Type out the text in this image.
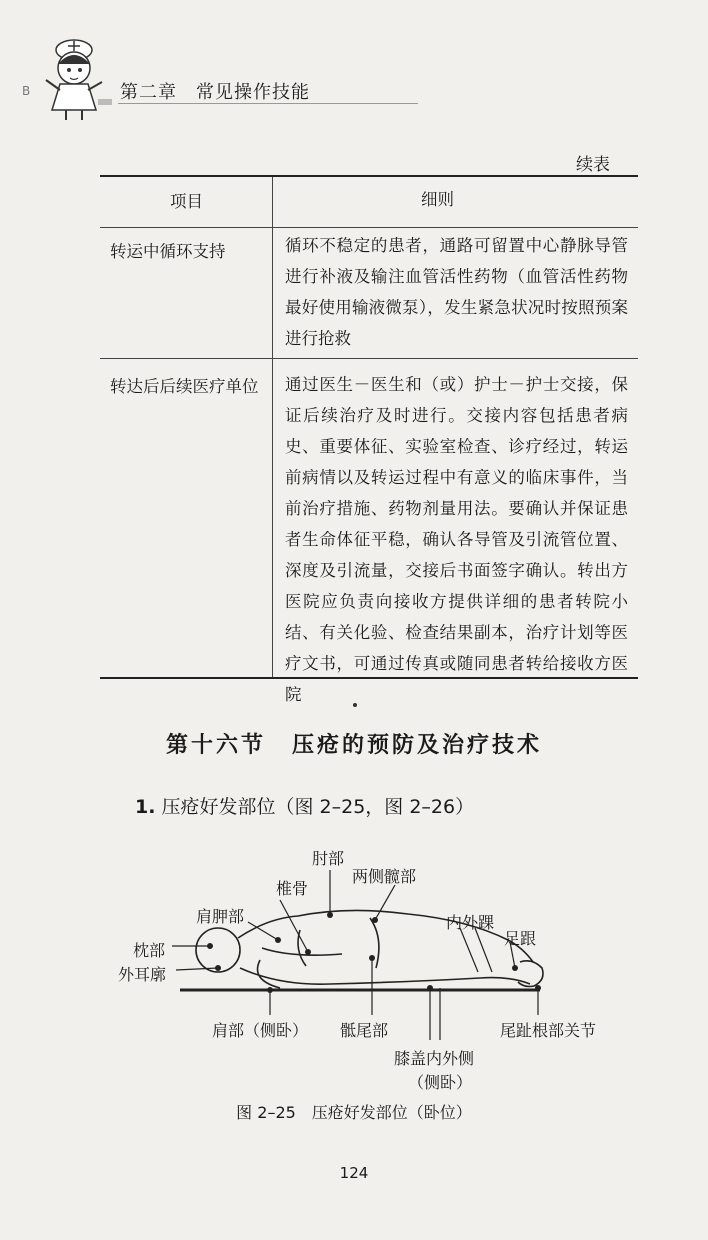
B	第二章　常见操作技能
续表
项目	细则
转运中循环支持	循环不稳定的患者，通路可留置中心静脉导管进行补液及输注血管活性药物（血管活性药物最好使用输液微泵），发生紧急状况时按照预案进行抢救
转达后后续医疗单位	通过医生－医生和（或）护士－护士交接，保证后续治疗及时进行。交接内容包括患者病史、重要体征、实验室检查、诊疗经过，转运前病情以及转运过程中有意义的临床事件，当前治疗措施、药物剂量用法。要确认并保证患者生命体征平稳，确认各导管及引流管位置、深度及引流量，交接后书面签字确认。转出方医院应负责向接收方提供详细的患者转院小结、有关化验、检查结果副本，治疗计划等医疗文书，可通过传真或随同患者转给接收方医院
第十六节 压疮的预防及治疗技术
1. 压疮好发部位（图 2–25，图 2–26）
肘部
椎骨
两侧髋部
肩胛部	内外踝
足跟
枕部
外耳廓
肩部（侧卧） 骶尾部	尾趾根部关节
膝盖内外侧
（侧卧）
图 2–25　压疮好发部位（卧位）
124
